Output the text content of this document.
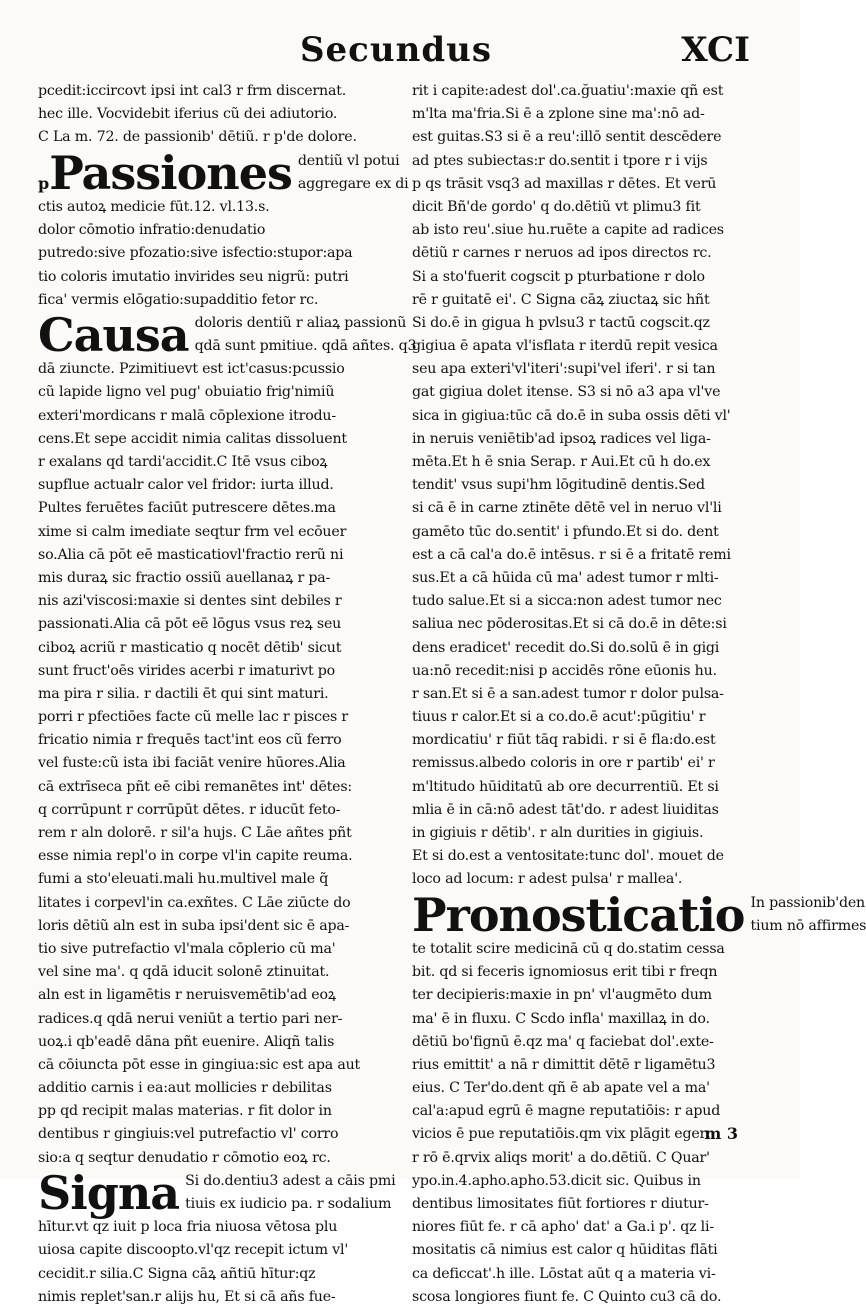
Secundus	XCI
pcedit:iccircovt ipsi int cal3 r frm discernat.
hec ille. Vocvidebit iferius cũ dei adiutorio.
C La m. 72. de passionib' dētiũ. r p'de dolore.
p Passiones dentiũ vl potui
aggregare ex di
ctis autoꝝ medicie fūt.12. vl.13.s.
dolor cōmotio infratio:denudatio
putredo:sive pfozatio:sive isfectio:stupor:apa
tio coloris imutatio invirides seu nigrũ: putri
fica' vermis elōgatio:supadditio fetor rc.
Causa doloris dentiũ r aliaꝝ passionũ
qdā sunt pmitiue. qdā añtes. q3
dā ziuncte. Pzimitiuevt est ict'casus:pcussio
cũ lapide ligno vel pug' obuiatio frig'nimiũ
exteri'mordicans r malā cōplexione itrodu-
cens.Et sepe accidit nimia calitas dissoluent
r exalans qd tardi'accidit.C Itē vsus ciboꝝ
supflue actualr calor vel fridor: iurta illud.
Pultes feruētes faciūt putrescere dētes.ma
xime si calm imediate seqtur frm vel ecōuer
so.Alia cā pōt eē masticatiovl'fractio rerũ ni
mis duraꝝ sic fractio ossiũ auellanaꝝ r pa-
nis azi'viscosi:maxie si dentes sint debiles r
passionati.Alia cā pōt eē lōgus vsus reꝝ seu
ciboꝝ acriũ r masticatio q nocēt dētib' sicut
sunt fruct'oēs virides acerbi r imaturivt po
ma pira r silia. r dactili ēt qui sint maturi.
porri r pfectiōes facte cũ melle lac r pisces r
fricatio nimia r frequēs tact'int eos cũ ferro
vel fuste:cũ ista ibi faciāt venire hūores.Alia
cā extrīseca pñt eē cibi remanētes int' dētes:
q corrūpunt r corrūpūt dētes. r iducūt feto-
rem r aln dolorē. r sil'a hujs. C Lāe añtes pñt
esse nimia repl'o in corpe vl'in capite reuma.
fumi a sto'eleuati.mali hu.multivel male q̃
litates i corpevl'in ca.exñtes. C Lāe ziūcte do
loris dētiũ aln est in suba ipsi'dent sic ē apa-
tio sive putrefactio vl'mala cōplerio cũ ma'
vel sine ma'. q qdā iducit solonē ztinuitat.
aln est in ligamētis r neruisvemētib'ad eoꝝ
radices.q qdā nerui veniūt a tertio pari ner-
uoꝝ.i qb'eadē dāna pñt euenire. Aliqñ talis
cā cōiuncta pōt esse in gingiua:sic est apa aut
additio carnis i ea:aut mollicies r debilitas
pp qd recipit malas materias. r fit dolor in
dentibus r gingiuis:vel putrefactio vl' corro
sio:a q seqtur denudatio r cōmotio eoꝝ rc.
Signa Si do.dentiu3 adest a cāis pmi
tiuis ex iudicio pa. r sodalium
hītur.vt qz iuit p loca fria niuosa vētosa plu
uiosa capite discoopto.vl'qz recepit ictum vl'
cecidit.r silia.C Signa cāꝝ añtiū hītur:qz
nimis replet'san.r alijs hu, Et si cā añs fue-
rit i capite:adest dol'.ca.ğuatiu':maxie qñ est
m'lta ma'fria.Si ē a zplone sine ma':nō ad-
est guitas.S3 si ē a reu':illō sentit descēdere
ad ptes subiectas:r do.sentit i tpore r i vijs
p qs trāsit vsq3 ad maxillas r dētes. Et verū
dicit Bñ'de gordo' q do.dētiũ vt plimu3 fit
ab isto reu'.siue hu.ruēte a capite ad radices
dētiũ r carnes r neruos ad ipos directos rc.
Si a sto'fuerit cogscit p pturbatione r dolo
rē r guitatē ei'. C Signa cāꝝ ziuctaꝝ sic hñt
Si do.ē in gigua h pvlsu3 r tactū cogscit.qz
gigiua ē apata vl'isflata r iterdū repit vesica
seu apa exteri'vl'iteri':supi'vel iferi'. r si tan
gat gigiua dolet itense. S3 si nō a3 apa vl've
sica in gigiua:tūc cā do.ē in suba ossis dēti vl'
in neruis veniētib'ad ipsoꝝ radices vel liga-
mēta.Et h ē snia Serap. r Aui.Et cū h do.ex
tendit' vsus supi'hm lōgitudinē dentis.Sed
si cā ē in carne ztinēte dētē vel in neruo vl'li
gamēto tūc do.sentit' i pfundo.Et si do. dent
est a cā cal'a do.ē intēsus. r si ē a fritatē remi
sus.Et a cā hūida cū ma' adest tumor r mlti-
tudo salue.Et si a sicca:non adest tumor nec
saliua nec pōderositas.Et si cā do.ē in dēte:si
dens eradicet' recedit do.Si do.solū ē in gigi
ua:nō recedit:nisi p accidēs rōne eūonis hu.
r san.Et si ē a san.adest tumor r dolor pulsa-
tiuus r calor.Et si a co.do.ē acut':pūgitiu' r
mordicatiu' r fiūt tāq rabidi. r si ē fla:do.est
remissus.albedo coloris in ore r partib' ei' r
m'ltitudo hūiditatū ab ore decurrentiũ. Et si
mlia ē in cā:nō adest tāt'do. r adest liuiditas
in gigiuis r dētib'. r aln durities in gigiuis.
Et si do.est a ventositate:tunc dol'. mouet de
loco ad locum: r adest pulsa' r mallea'.
Pronosticatio In passionib'den
tium nō affirmes
te totalit scire medicinā cū q do.statim cessa
bit. qd si feceris ignomiosus erit tibi r freqn
ter decipieris:maxie in pn' vl'augmēto dum
ma' ē in fluxu. C Scdo infla' maxillaꝝ in do.
dētiū bo'fignū ē.qz ma' q faciebat dol'.exte-
rius emittit' a nā r dimittit dētē r ligamētu3
eius. C Ter'do.dent qñ ē ab apate vel a ma'
cal'a:apud egrū ē magne reputatiōis: r apud
vicios ē pue reputatiōis.qm vix plāgit eger:
r rō ē.qrvix aliqs morit' a do.dētiũ. C Quar'
ypo.in.4.apho.apho.53.dicit sic. Quibus in
dentibus limositates fiūt fortiores r diutur-
niores fiūt fe. r cā apho' dat' a Ga.i p'. qz li-
mositatis cā nimius est calor q hūiditas flāti
ca deficcat'.h ille. Lōstat aūt q a materia vi-
scosa longiores fiunt fe. C Quinto cu3 cā do.
m 3
